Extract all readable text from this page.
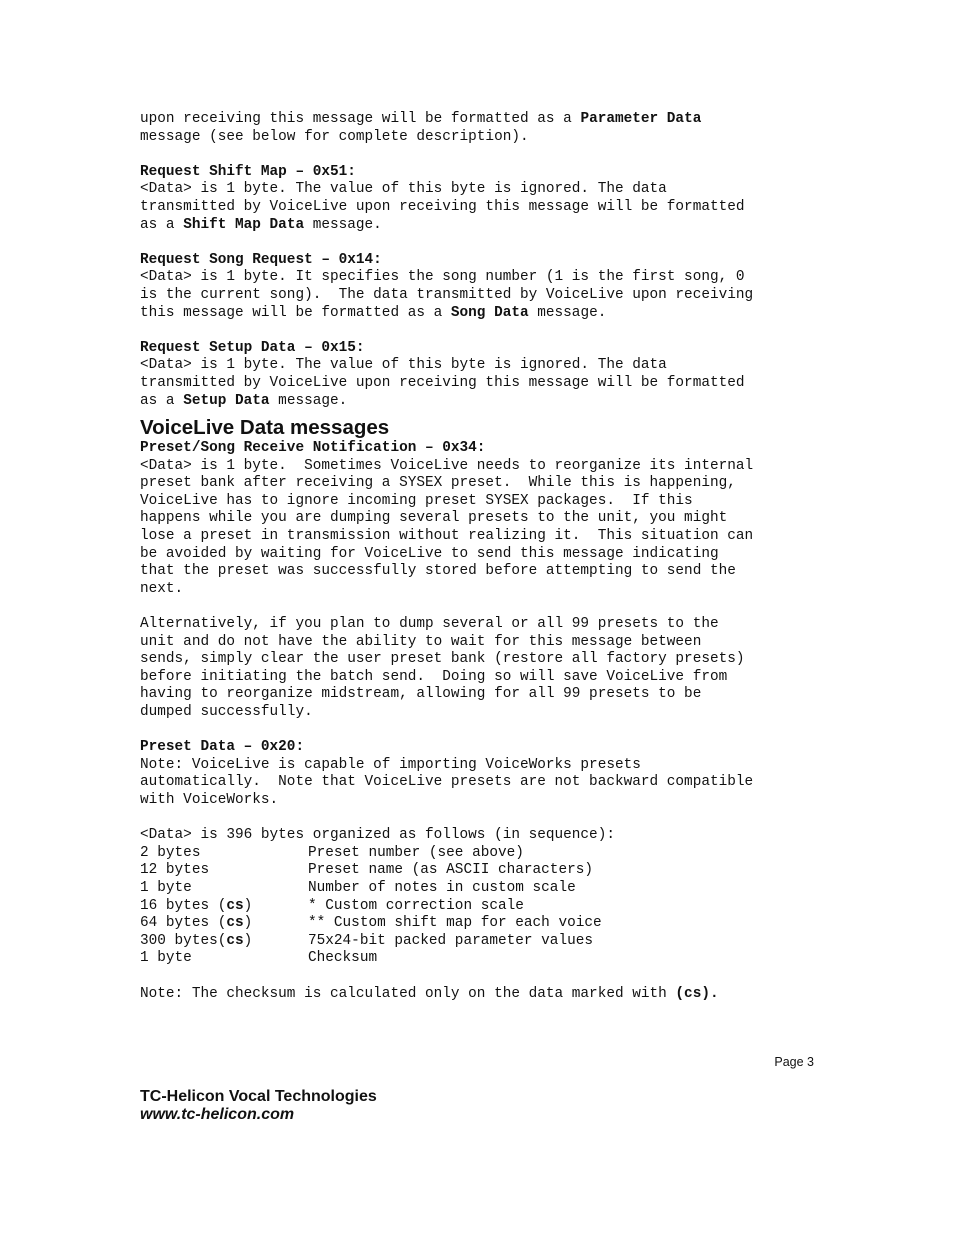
upon receiving this message will be formatted as a Parameter Data
message (see below for complete description).
Request Shift Map – 0x51:
<Data> is 1 byte. The value of this byte is ignored. The data
transmitted by VoiceLive upon receiving this message will be formatted
as a Shift Map Data message.
Request Song Request – 0x14:
<Data> is 1 byte. It specifies the song number (1 is the first song, 0
is the current song).  The data transmitted by VoiceLive upon receiving
this message will be formatted as a Song Data message.
Request Setup Data – 0x15:
<Data> is 1 byte. The value of this byte is ignored. The data
transmitted by VoiceLive upon receiving this message will be formatted
as a Setup Data message.
VoiceLive Data messages
Preset/Song Receive Notification – 0x34:
<Data> is 1 byte.  Sometimes VoiceLive needs to reorganize its internal
preset bank after receiving a SYSEX preset.  While this is happening,
VoiceLive has to ignore incoming preset SYSEX packages.  If this
happens while you are dumping several presets to the unit, you might
lose a preset in transmission without realizing it.  This situation can
be avoided by waiting for VoiceLive to send this message indicating
that the preset was successfully stored before attempting to send the
next.
Alternatively, if you plan to dump several or all 99 presets to the
unit and do not have the ability to wait for this message between
sends, simply clear the user preset bank (restore all factory presets)
before initiating the batch send.  Doing so will save VoiceLive from
having to reorganize midstream, allowing for all 99 presets to be
dumped successfully.
Preset Data – 0x20:
Note: VoiceLive is capable of importing VoiceWorks presets
automatically.  Note that VoiceLive presets are not backward compatible
with VoiceWorks.
<Data> is 396 bytes organized as follows (in sequence):
2 bytes	Preset number (see above)
12 bytes	Preset name (as ASCII characters)
1 byte	Number of notes in custom scale
16 bytes (cs)	* Custom correction scale
64 bytes (cs)	** Custom shift map for each voice
300 bytes(cs)	75x24-bit packed parameter values
1 byte	Checksum
Note: The checksum is calculated only on the data marked with (cs).
Page 3
TC-Helicon Vocal Technologies
www.tc-helicon.com
